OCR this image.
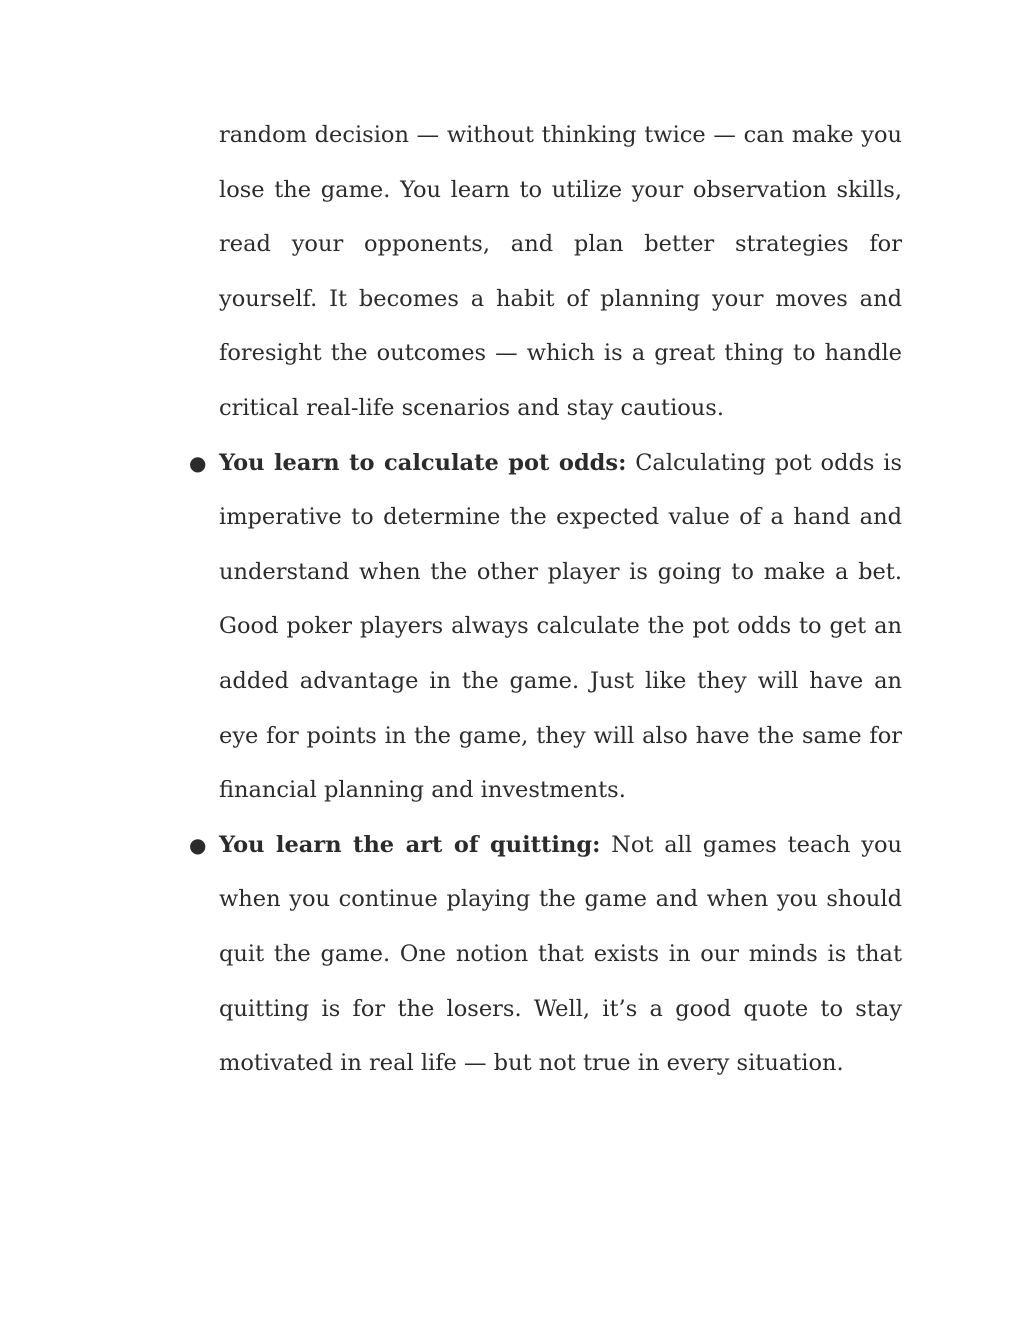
random decision — without thinking twice — can make you lose the game. You learn to utilize your observation skills, read your opponents, and plan better strategies for yourself. It becomes a habit of planning your moves and foresight the outcomes — which is a great thing to handle critical real-life scenarios and stay cautious.

● You learn to calculate pot odds: Calculating pot odds is imperative to determine the expected value of a hand and understand when the other player is going to make a bet. Good poker players always calculate the pot odds to get an added advantage in the game. Just like they will have an eye for points in the game, they will also have the same for financial planning and investments.
● You learn the art of quitting: Not all games teach you when you continue playing the game and when you should quit the game. One notion that exists in our minds is that quitting is for the losers. Well, it’s a good quote to stay motivated in real life — but not true in every situation.
